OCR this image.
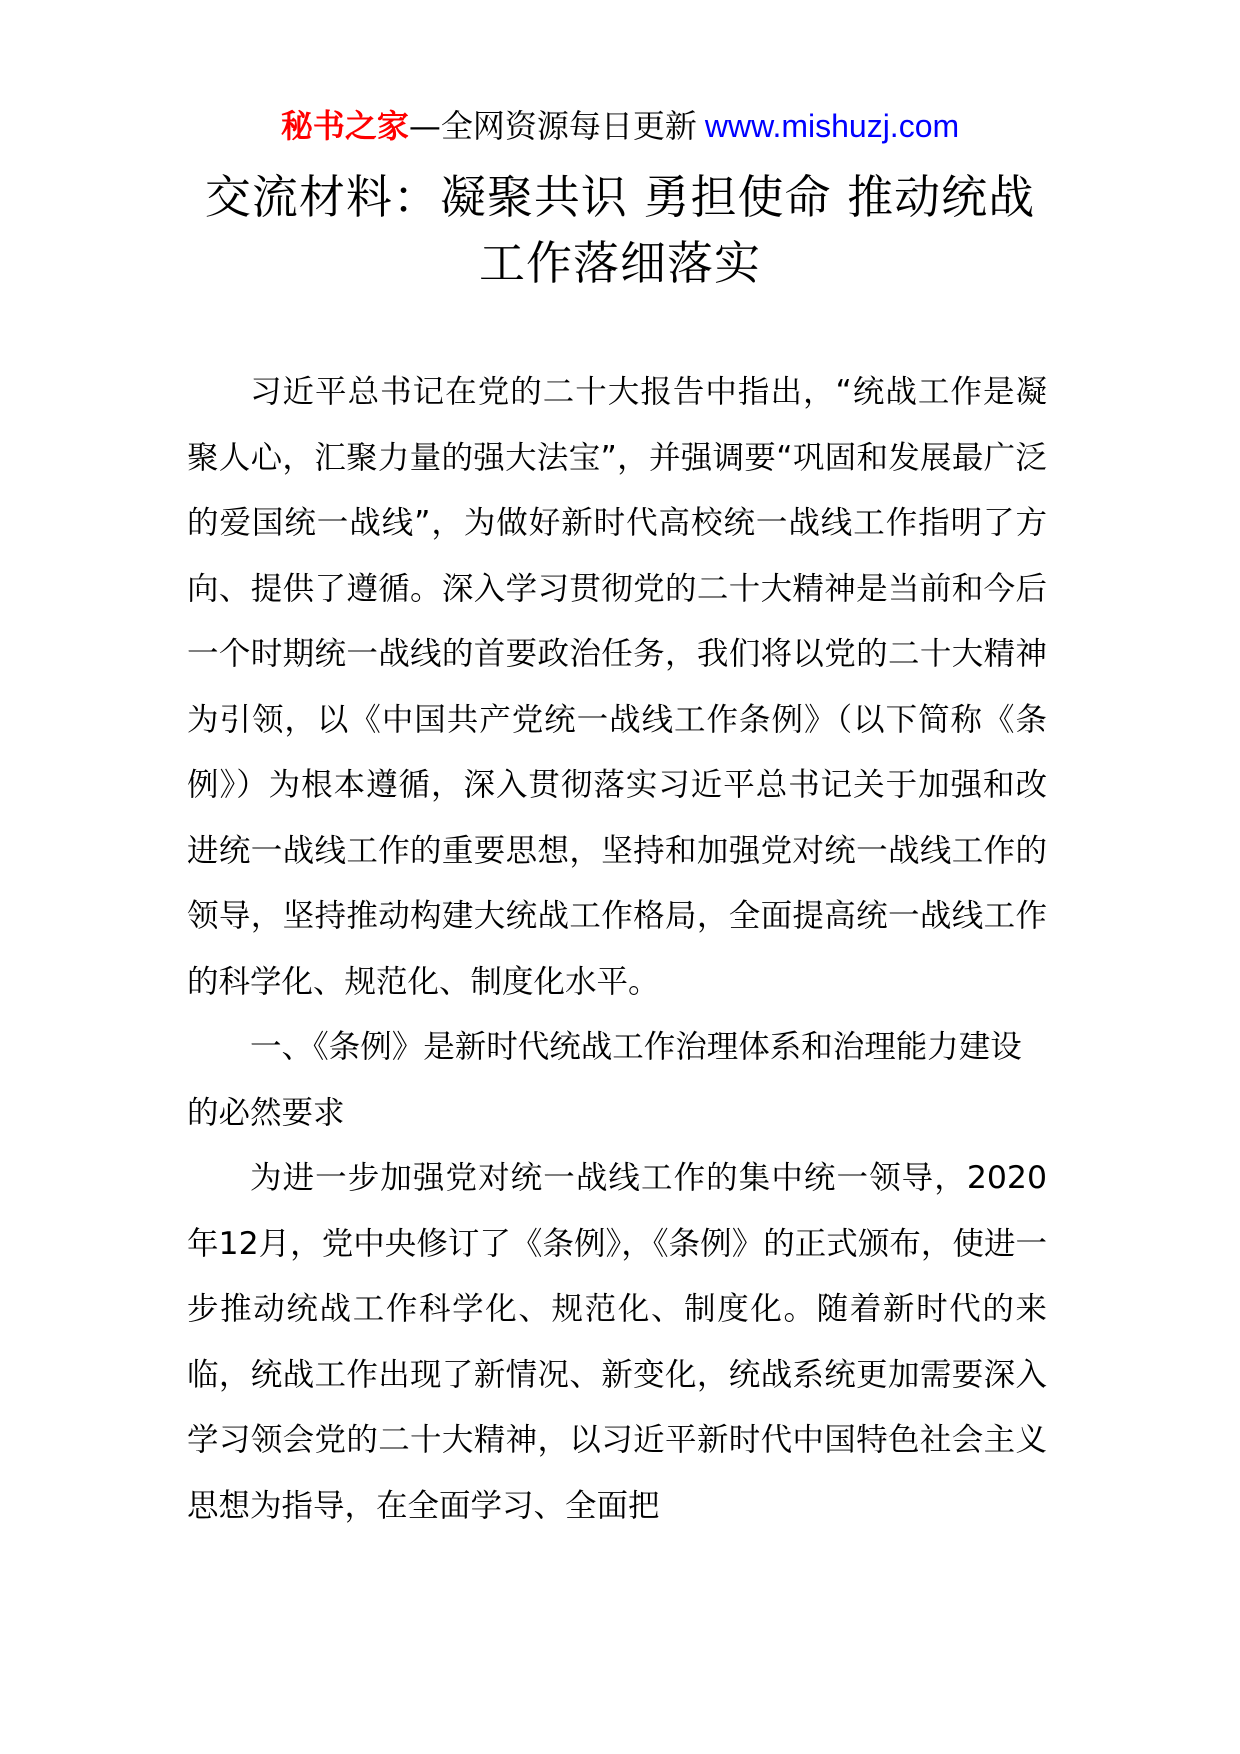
秘书之家—全网资源每日更新 www.mishuzj.com
交流材料：凝聚共识 勇担使命 推动统战
工作落细落实

习近平总书记在党的二十大报告中指出，“统战工作是凝聚人心，汇聚力量的强大法宝”，并强调要“巩固和发展最广泛的爱国统一战线”，为做好新时代高校统一战线工作指明了方向、提供了遵循。深入学习贯彻党的二十大精神是当前和今后一个时期统一战线的首要政治任务，我们将以党的二十大精神为引领，以《中国共产党统一战线工作条例》（以下简称《条例》）为根本遵循，深入贯彻落实习近平总书记关于加强和改进统一战线工作的重要思想，坚持和加强党对统一战线工作的领导，坚持推动构建大统战工作格局，全面提高统一战线工作的科学化、规范化、制度化水平。

一、《条例》是新时代统战工作治理体系和治理能力建设的必然要求

为进一步加强党对统一战线工作的集中统一领导，2020年12月，党中央修订了《条例》，《条例》的正式颁布，使进一步推动统战工作科学化、规范化、制度化。随着新时代的来临，统战工作出现了新情况、新变化，统战系统更加需要深入学习领会党的二十大精神，以习近平新时代中国特色社会主义思想为指导，在全面学习、全面把
